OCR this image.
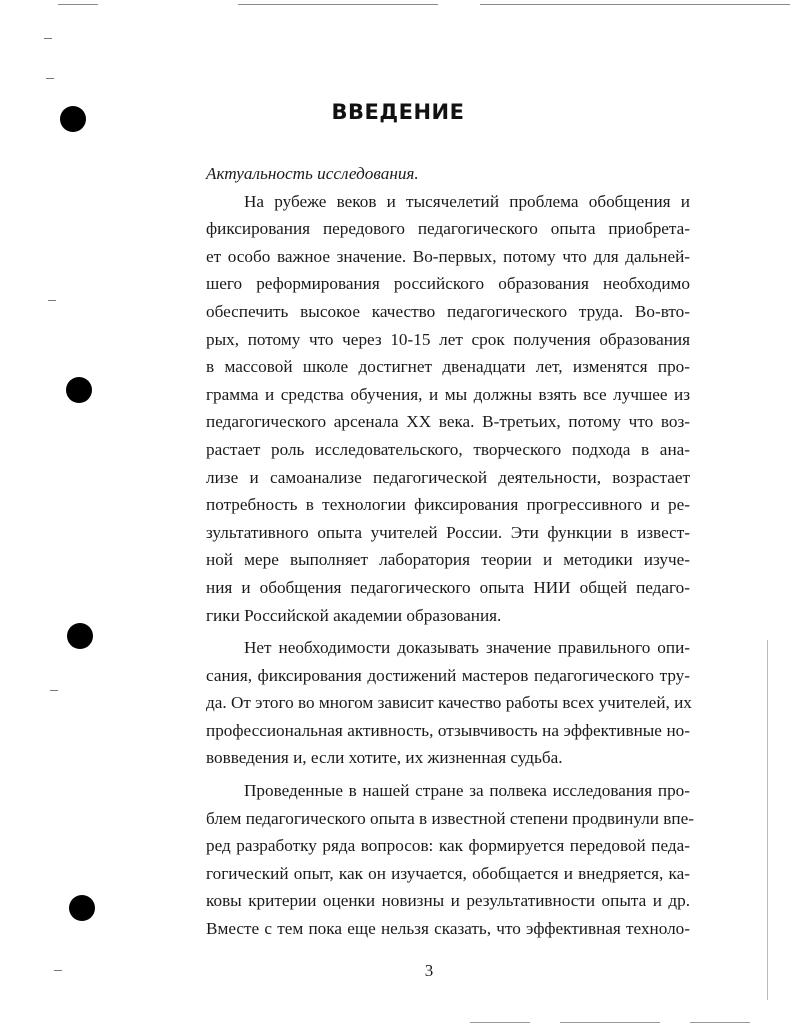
ВВЕДЕНИЕ

Актуальность исследования.

На рубеже веков и тысячелетий проблема обобщения и
фиксирования передового педагогического опыта приобрета-
ет особо важное значение. Во-первых, потому что для дальней-
шего реформирования российского образования необходимо
обеспечить высокое качество педагогического труда. Во-вто-
рых, потому что через 10-15 лет срок получения образования
в массовой школе достигнет двенадцати лет, изменятся про-
грамма и средства обучения, и мы должны взять все лучшее из
педагогического арсенала XX века. В-третьих, потому что воз-
растает роль исследовательского, творческого подхода в ана-
лизе и самоанализе педагогической деятельности, возрастает
потребность в технологии фиксирования прогрессивного и ре-
зультативного опыта учителей России. Эти функции в извест-
ной мере выполняет лаборатория теории и методики изуче-
ния и обобщения педагогического опыта НИИ общей педаго-
гики Российской академии образования.
Нет необходимости доказывать значение правильного опи-
сания, фиксирования достижений мастеров педагогического тру-
да. От этого во многом зависит качество работы всех учителей, их
профессиональная активность, отзывчивость на эффективные но-
вовведения и, если хотите, их жизненная судьба.
Проведенные в нашей стране за полвека исследования про-
блем педагогического опыта в известной степени продвинули впе-
ред разработку ряда вопросов: как формируется передовой педа-
гогический опыт, как он изучается, обобщается и внедряется, ка-
ковы критерии оценки новизны и результативности опыта и др.
Вместе с тем пока еще нельзя сказать, что эффективная техноло-
3
